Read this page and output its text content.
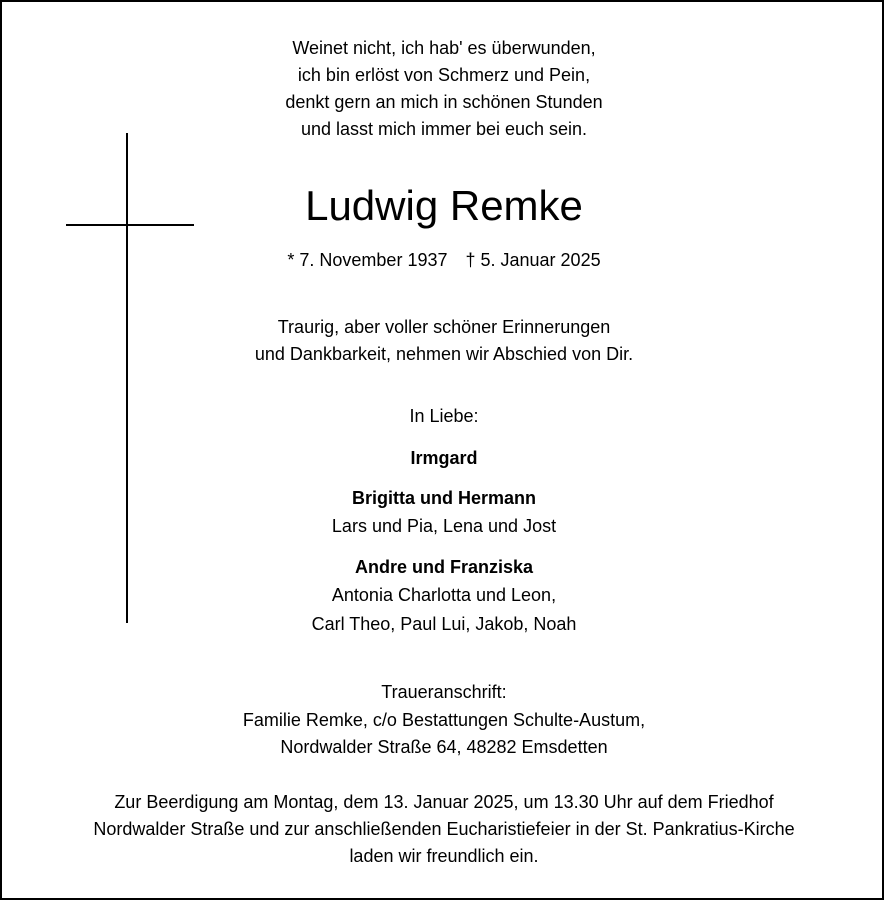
Weinet nicht, ich hab' es überwunden,
ich bin erlöst von Schmerz und Pein,
denkt gern an mich in schönen Stunden
und lasst mich immer bei euch sein.
Ludwig Remke
* 7. November 1937 † 5. Januar 2025
Traurig, aber voller schöner Erinnerungen
und Dankbarkeit, nehmen wir Abschied von Dir.
In Liebe:
Irmgard
Brigitta und Hermann
Lars und Pia, Lena und Jost
Andre und Franziska
Antonia Charlotta und Leon,
Carl Theo, Paul Lui, Jakob, Noah
Traueranschrift:
Familie Remke, c/o Bestattungen Schulte-Austum,
Nordwalder Straße 64, 48282 Emsdetten
Zur Beerdigung am Montag, dem 13. Januar 2025, um 13.30 Uhr auf dem Friedhof
Nordwalder Straße und zur anschließenden Eucharistiefeier in der St. Pankratius-Kirche
laden wir freundlich ein.
